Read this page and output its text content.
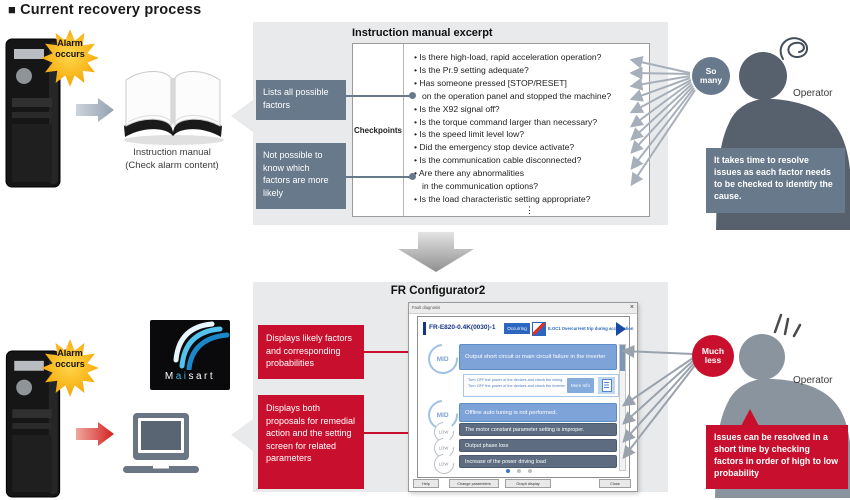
■ Current recovery process
Alarm
occurs
Instruction manual
(Check alarm content)
Instruction manual excerpt
Checkpoints
• Is there high-load, rapid acceleration operation?
• Is the Pr.9 setting adequate?
• Has someone pressed [STOP/RESET]
on the operation panel and stopped the machine?
• Is the X92 signal off?
• Is the torque command larger than necessary?
• Is the speed limit level low?
• Did the emergency stop device activate?
• Is the communication cable disconnected?
• Are there any abnormalities
in the communication options?
• Is the load characteristic setting appropriate?
⋮
Lists all possible factors
Not possible to know which factors are more likely
So
many
Operator
It takes time to resolve issues as each factor needs to be checked to identify the cause.
FR Configurator2
Alarm
occurs
Maisart
Displays likely factors and corresponding probabilities
Displays both proposals for remedial action and the setting screen for related parameters
Fault diagnosis	×
FR-E820-0.4K(0030)-1	Occurring	E.OC1 Overcurrent trip during acceleration
MID	Output short circuit or main circuit failure in the inverter
Turn OFF the power of the devices and check the wiring.
Turn OFF the power of the devices and check the inverter.	More Info
MID	Offline auto tuning is not performed.
LOW	The motor constant parameter setting is improper.
LOW	Output phase loss
LOW	Increase of the power driving load
Help	Change parameters	Graph display	Close
Much
less
Operator
Issues can be resolved in a short time by checking factors in order of high to low probability
